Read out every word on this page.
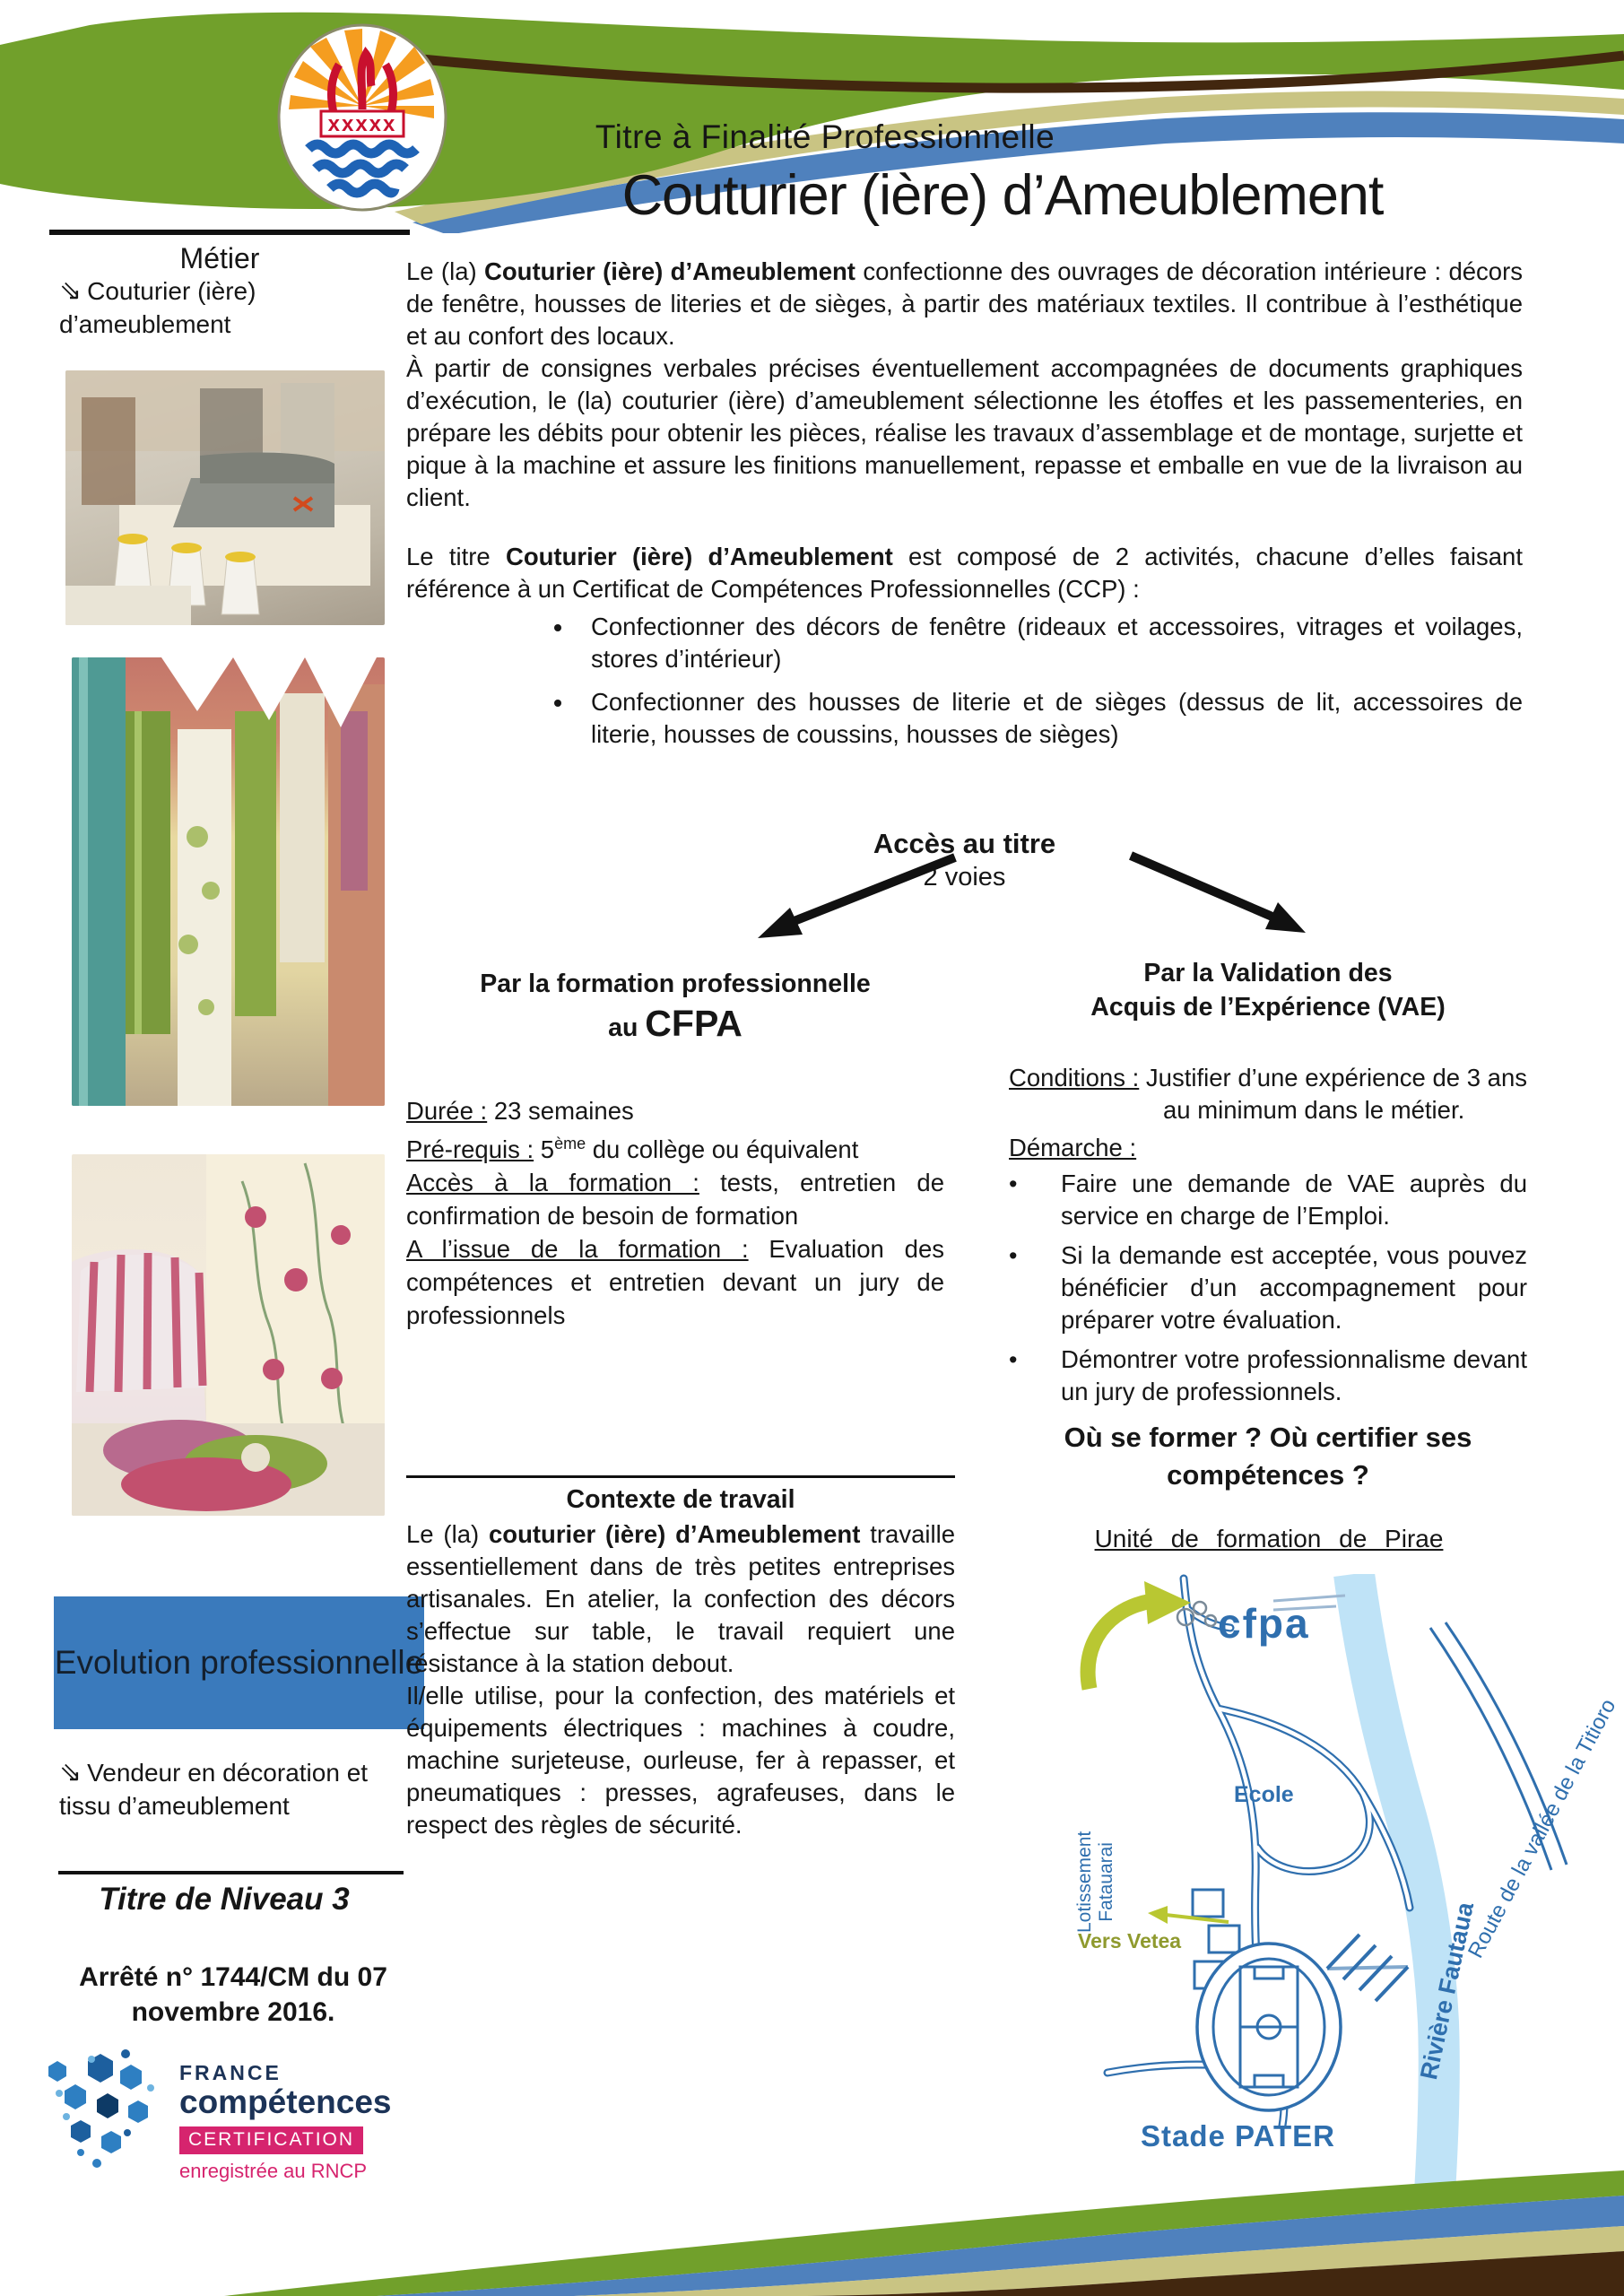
xxxxx	Titre à Finalité Professionnelle
Couturier (ière) d’Ameublement
Métier
⇘ Couturier (ière) d’ameublement
Evolution professionnelle
⇘ Vendeur en décoration et tissu d’ameublement
Titre de Niveau 3
Arrêté n° 1744/CM du 07 novembre 2016.
FRANCE
compétences
CERTIFICATION
enregistrée au RNCP

Le (la) Couturier (ière) d’Ameublement confectionne des ouvrages de décoration intérieure : décors de fenêtre, housses de literies et de sièges, à partir des matériaux textiles. Il contribue à l’esthétique et au confort des locaux.

À partir de consignes verbales précises éventuellement accompagnées de documents graphiques d’exécution, le (la) couturier (ière) d’ameublement sélectionne les étoffes et les passementeries, en prépare les débits pour obtenir les pièces, réalise les travaux d’assemblage et de montage, surjette et pique à la machine et assure les finitions manuellement, repasse et emballe en vue de la livraison au client.

Le titre Couturier (ière) d’Ameublement est composé de 2 activités, chacune d’elles faisant référence à un Certificat de Compétences Professionnelles (CCP) :

• Confectionner des décors de fenêtre (rideaux et accessoires, vitrages et voilages, stores d’intérieur)
• Confectionner des housses de literie et de sièges (dessus de lit, accessoires de literie, housses de coussins, housses de sièges)
Accès au titre
2 voies
Par la formation professionnelle
au CFPA
Durée : 23 semaines
Pré-requis : 5ème du collège ou équivalent
Accès à la formation : tests, entretien de confirmation de besoin de formation
A l’issue de la formation : Evaluation des compétences et entretien devant un jury de professionnels
Par la Validation des
Acquis de l’Expérience (VAE)
Conditions : Justifier d’une expérience de 3 ans au minimum dans le métier.
Démarche :
•	Faire une demande de VAE auprès du service en charge de l’Emploi.
•	Si la demande est acceptée, vous pouvez bénéficier d’un accompagnement pour préparer votre évaluation.
•	Démontrer votre professionnalisme devant un jury de professionnels.
Où se former ? Où certifier ses
compétences ?
Unité de formation de Pirae
cfpa
Ecole
Lotissement Fatauarai
Rivière Fautaua
Route de la vallée de la Titioro
Vers Vetea
Stade PATER
Contexte de travail

Le (la) couturier (ière) d’Ameublement travaille essentiellement dans de très petites entreprises artisanales. En atelier, la confection des décors s’effectue sur table, le travail requiert une résistance à la station debout.

Il/elle utilise, pour la confection, des matériels et équipements électriques : machines à coudre, machine surjeteuse, ourleuse, fer à repasser, et pneumatiques : presses, agrafeuses, dans le respect des règles de sécurité.
